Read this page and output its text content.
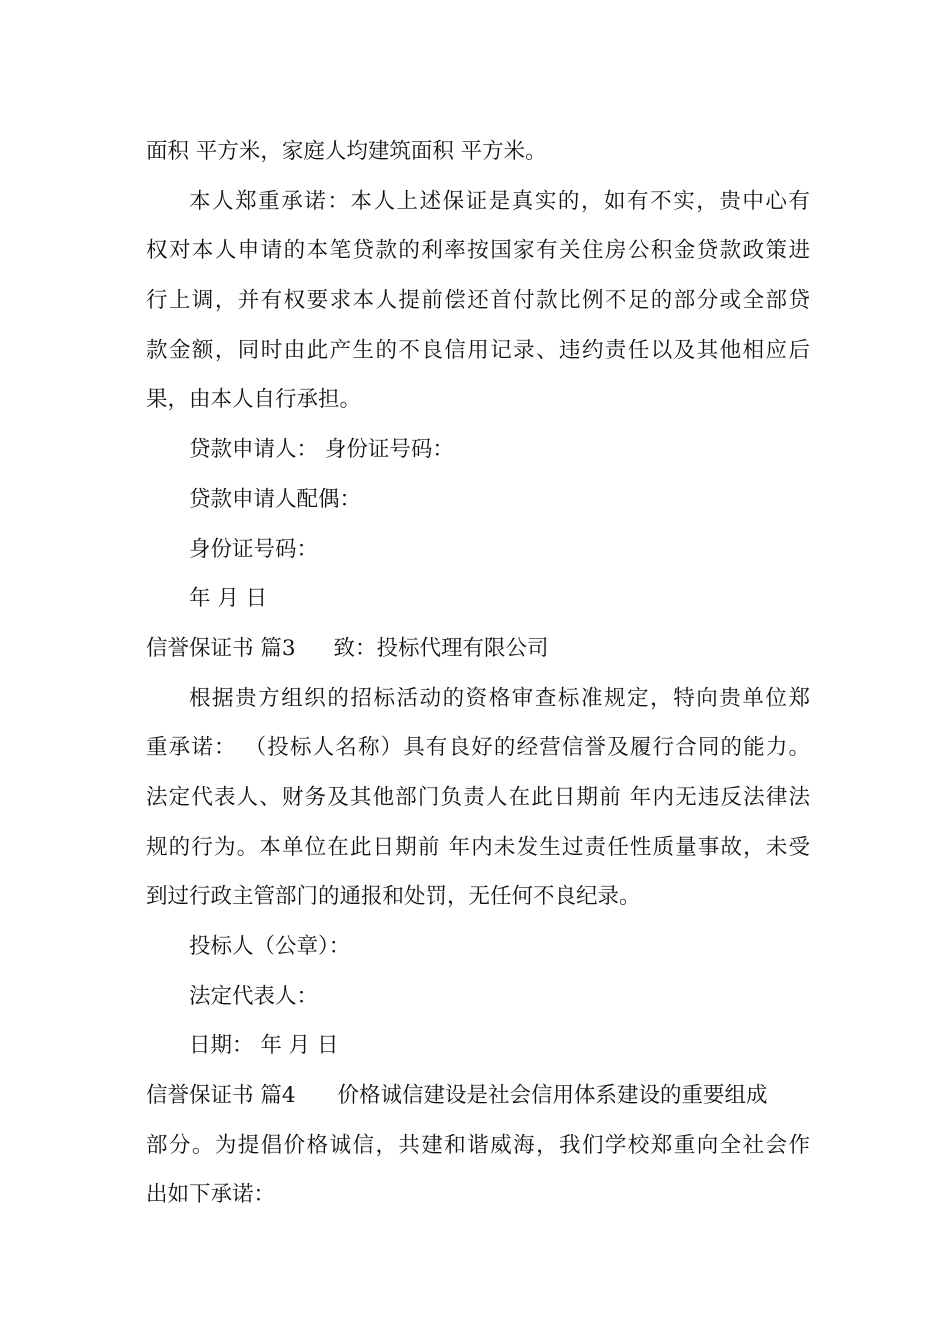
面积 平方米，家庭人均建筑面积 平方米。
本人郑重承诺：本人上述保证是真实的，如有不实，贵中心有
权对本人申请的本笔贷款的利率按国家有关住房公积金贷款政策进
行上调，并有权要求本人提前偿还首付款比例不足的部分或全部贷
款金额，同时由此产生的不良信用记录、违约责任以及其他相应后
果，由本人自行承担。
贷款申请人： 身份证号码：
贷款申请人配偶：
身份证号码：
年 月 日
信誉保证书 篇3 致：投标代理有限公司
根据贵方组织的招标活动的资格审查标准规定，特向贵单位郑
重承诺： （投标人名称）具有良好的经营信誉及履行合同的能力。
法定代表人、财务及其他部门负责人在此日期前 年内无违反法律法
规的行为。本单位在此日期前 年内未发生过责任性质量事故，未受
到过行政主管部门的通报和处罚，无任何不良纪录。
投标人（公章）：
法定代表人：
日期： 年 月 日
信誉保证书 篇4 价格诚信建设是社会信用体系建设的重要组成
部分。为提倡价格诚信，共建和谐威海，我们学校郑重向全社会作
出如下承诺：
